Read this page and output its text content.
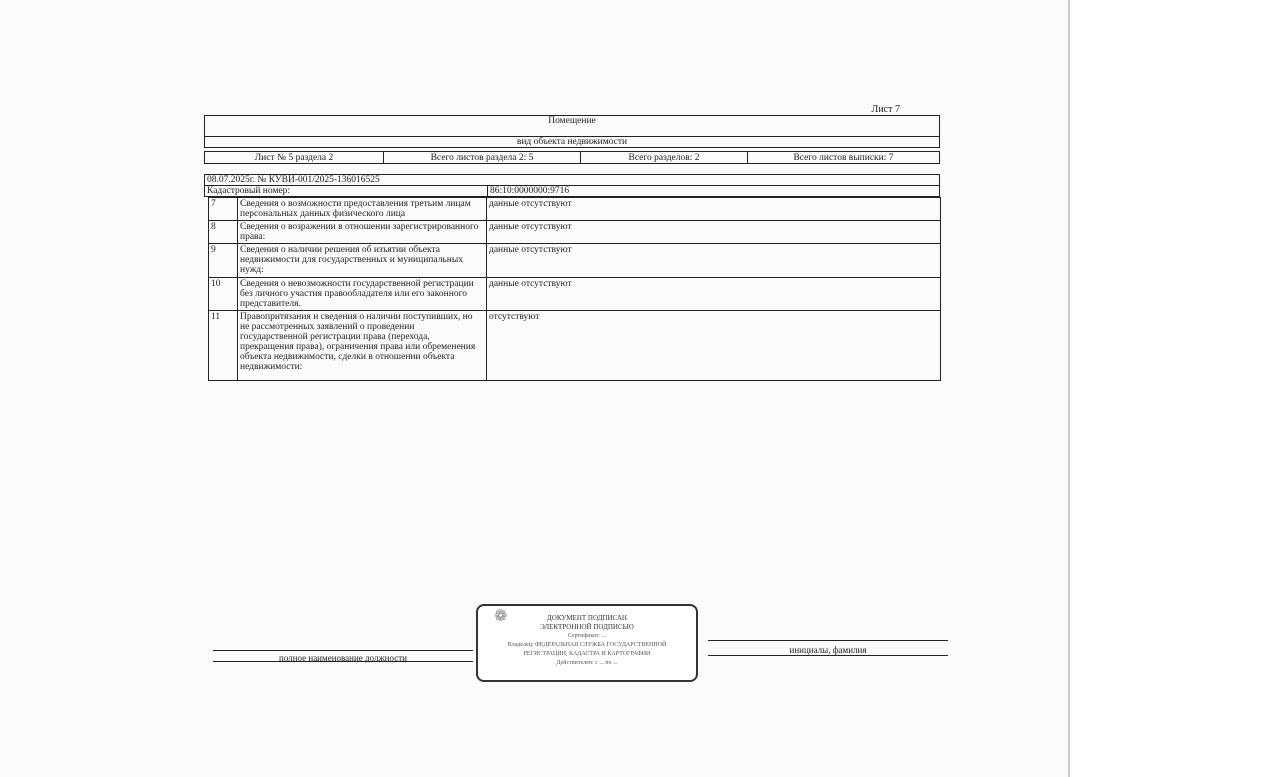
Лист 7
Помещение
вид объекта недвижимости
Лист № 5 раздела 2	Всего листов раздела 2: 5	Всего разделов: 2	Всего листов выписки: 7
08.07.2025г. № КУВИ-001/2025-136016525
Кадастровый номер:	86:10:0000000:9716
7	Сведения о возможности предоставления третьим лицам персональных данных физического лица	данные отсутствуют
8	Сведения о возражении в отношении зарегистрированного права:	данные отсутствуют
9	Сведения о наличии решения об изъятии объекта недвижимости для государственных и муниципальных нужд:	данные отсутствуют
10	Сведения о невозможности государственной регистрации без личного участия правообладателя или его законного представителя.	данные отсутствуют
11	Правопритязания и сведения о наличии поступивших, но не рассмотренных заявлений о проведении государственной регистрации права (перехода, прекращения права), ограничения права или обременения объекта недвижимости, сделки в отношении объекта недвижимости:	отсутствуют
полное наименование должности
инициалы, фамилия
❁	ДОКУМЕНТ ПОДПИСАН
ЭЛЕКТРОННОЙ ПОДПИСЬЮ
Сертификат: ...
Владелец: ФЕДЕРАЛЬНАЯ СЛУЖБА ГОСУДАРСТВЕННОЙ
РЕГИСТРАЦИИ, КАДАСТРА И КАРТОГРАФИИ
Действителен: с ... по ...
